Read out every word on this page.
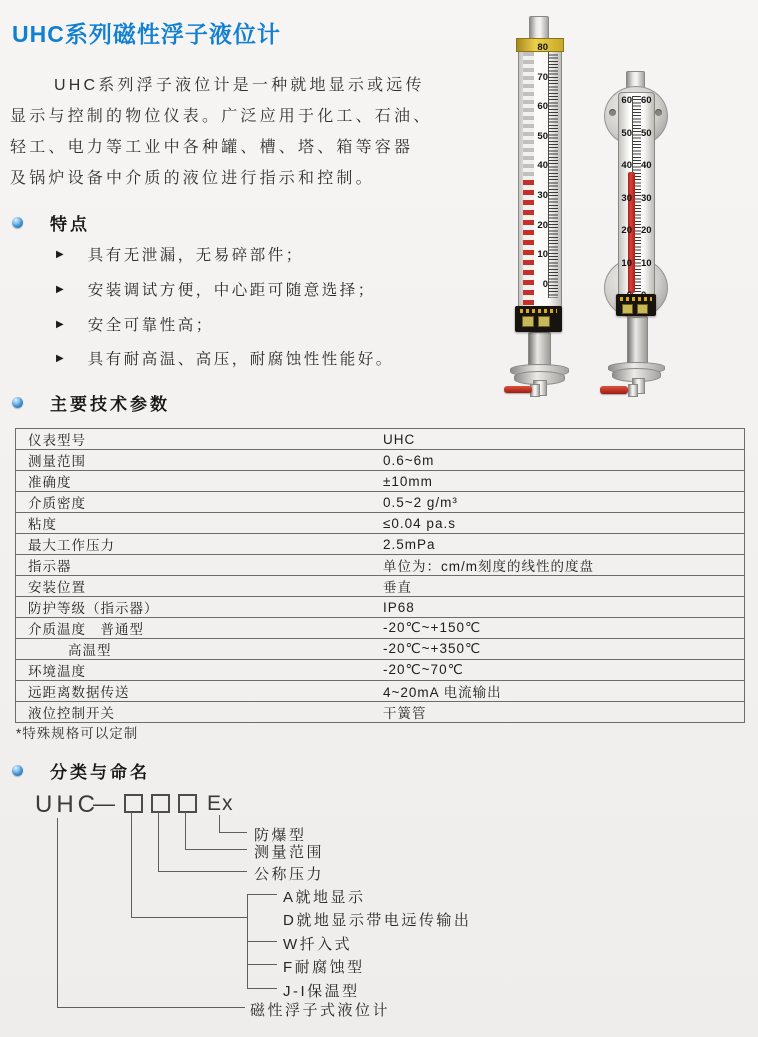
UHC系列磁性浮子液位计
UHC系列浮子液位计是一种就地显示或远传
显示与控制的物位仪表。广泛应用于化工、石油、
轻工、电力等工业中各种罐、槽、塔、箱等容器
及锅炉设备中介质的液位进行指示和控制。
特点
▶ 具有无泄漏，无易碎部件；
▶ 安装调试方便，中心距可随意选择；
▶ 安全可靠性高；
▶ 具有耐高温、高压，耐腐蚀性性能好。
主要技术参数
仪表型号	UHC
测量范围	0.6~6m
准确度	±10mm
介质密度	0.5~2 g/m³
粘度	≤0.04 pa.s
最大工作压力	2.5mPa
指示器	单位为：cm/m刻度的线性的度盘
安装位置	垂直
防护等级（指示器）	IP68
介质温度　普通型	-20℃~+150℃
高温型	-20℃~+350℃
环境温度	-20℃~70℃
远距离数据传送	4~20mA 电流输出
液位控制开关	干簧管
*特殊规格可以定制
分类与命名
UHC
—	Ex
防爆型
测量范围
公称压力
A就地显示
D就地显示带电远传输出
W扦入式
F耐腐蚀型
J-I保温型
磁性浮子式液位计
80
70
60
50
40
30
20
10
0
60
50
40
30
20
10
60
50
40
30
20
10
